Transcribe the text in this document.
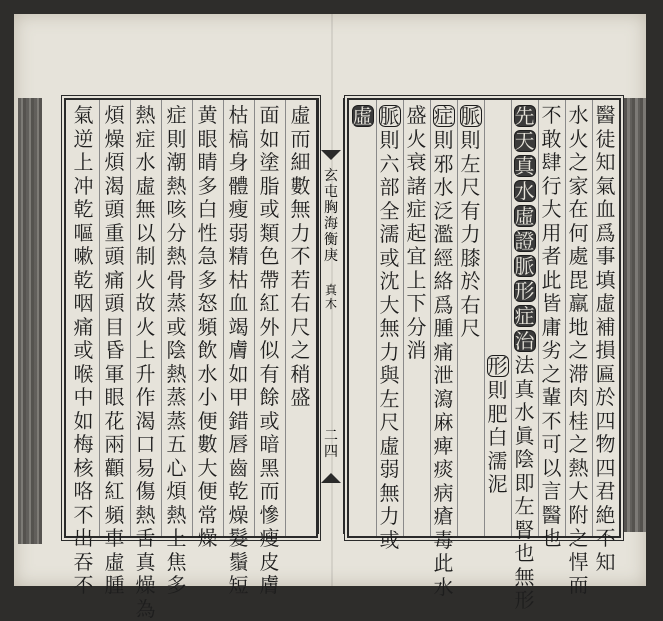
醫
徒
知
氣
血
爲
事
填
虛
補
損
匾
於
四
物
四
君
絶
不
知
水
火
之
家
在
何
處
毘
羸
地
之
滞
肉
桂
之
熱
大
附
之
悍
而
不
敢
肆
行
大
用
者
此
皆
庸
劣
之
輩
不
可
以
言
醫
也
先
天
真
水
虛
證
脈
形
症
治
法
真
水
眞
陰
即
左
腎
也
無
形
形
則
肥
白
濡
泥
脈
則
左
尺
有
力
膝
於
右
尺
症
則
邪
水
泛
濫
經
絡
爲
腫
痛
泄
瀉
麻
痺
痰
病
瘡
毒
此
水
盛
火
衰
諸
症
起
宜
上
下
分
消
脈
則
六
部
全
濡
或
沈
大
無
力
與
左
尺
虛
弱
無
力
或
虛
虛
而
細
數
無
力
不
若
右
尺
之
稍
盛
面
如
塗
脂
或
類
色
帶
紅
外
似
有
餘
或
暗
黑
而
慘
瘦
皮
膚
枯
槁
身
體
瘦
弱
精
枯
血
竭
膚
如
甲
錯
唇
齒
乾
燥
髮
鬚
短
黄
眼
睛
多
白
性
急
多
怒
頻
飲
水
小
便
數
大
便
常
燥
症
則
潮
熱
咳
分
熱
骨
蒸
或
陰
熱
蒸
蒸
五
心
煩
熱
上
焦
多
熱
症
水
虛
無
以
制
火
故
火
上
升
作
渴
口
易
傷
熱
舌
真
燥
為
煩
燥
煩
渴
頭
重
頭
痛
頭
目
昏
軍
眼
花
兩
顴
紅
頻
車
虛
腫
氣
逆
上
冲
乾
嘔
嗽
乾
咽
痛
或
喉
中
如
梅
核
咯
不
出
吞
不
玄
屯
胸
海
衡
庚
真
木
二
四
